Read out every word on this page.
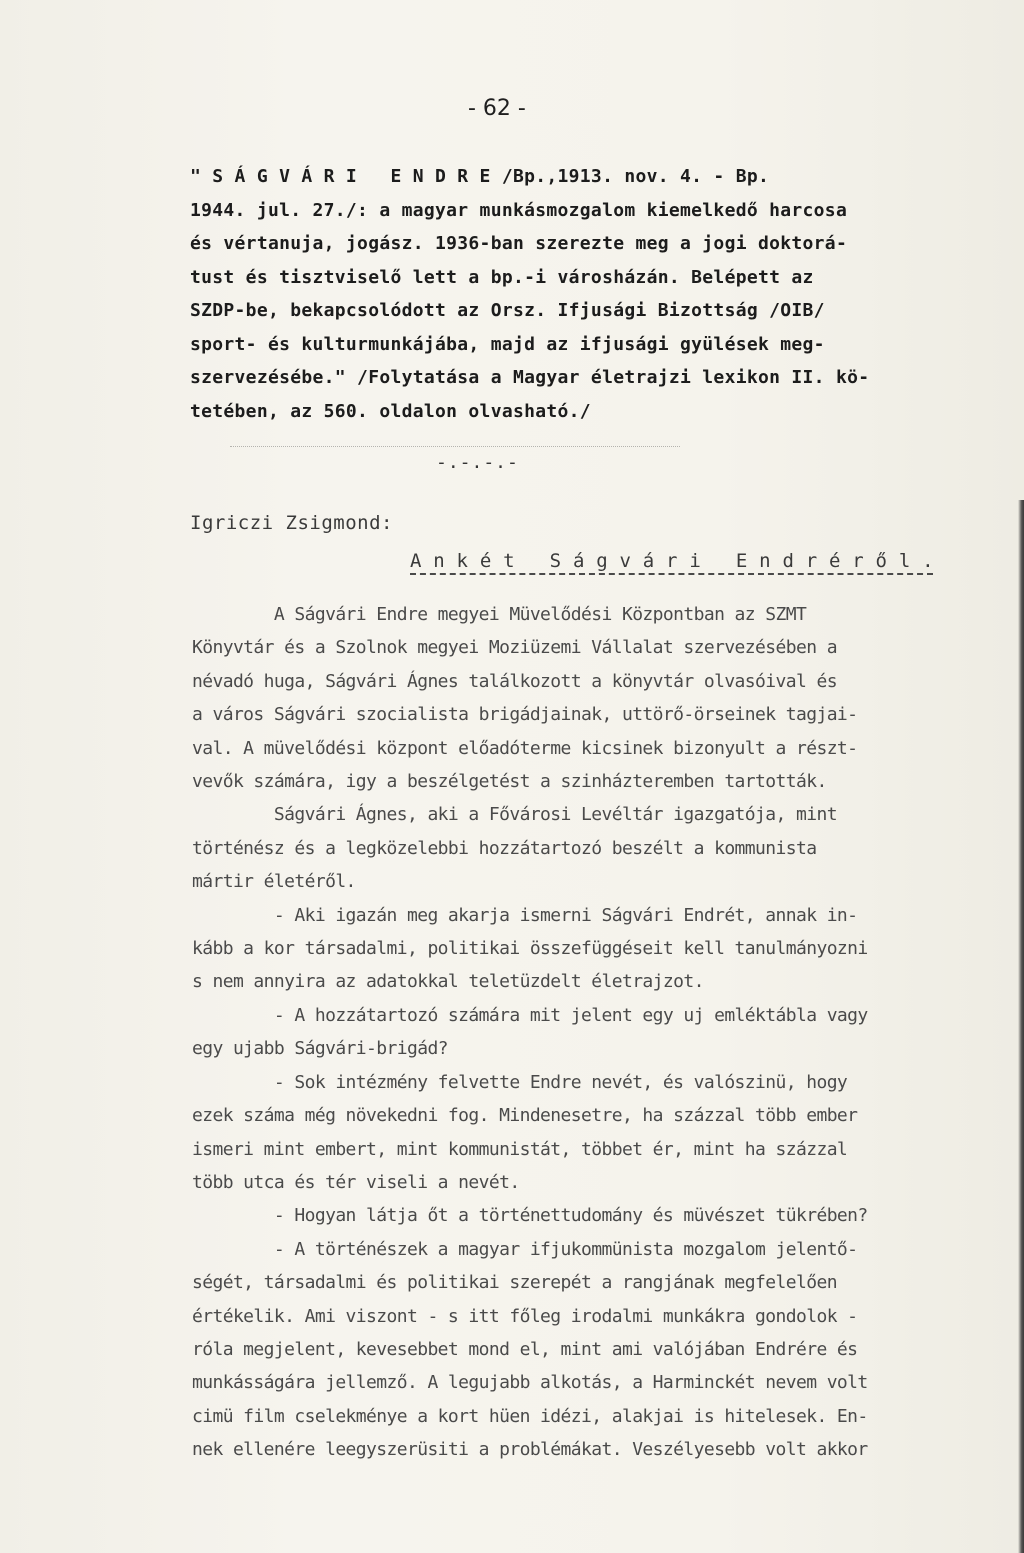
- 62 -
" S Á G V Á R I   E N D R E /Bp.,1913. nov. 4. - Bp.
1944. jul. 27./: a magyar munkásmozgalom kiemelkedő harcosa
és vértanuja, jogász. 1936-ban szerezte meg a jogi doktorá-
tust és tisztviselő lett a bp.-i városházán. Belépett az
SZDP-be, bekapcsolódott az Orsz. Ifjusági Bizottság /OIB/
sport- és kulturmunkájába, majd az ifjusági gyülések meg-
szervezésébe." /Folytatása a Magyar életrajzi lexikon II. kö-
tetében, az 560. oldalon olvasható./
-.-.-.-
Igriczi Zsigmond:
A n k é t   S á g v á r i   E n d r é r ő l .
A Ságvári Endre megyei Müvelődési Központban az SZMT
Könyvtár és a Szolnok megyei Moziüzemi Vállalat szervezésében a
névadó huga, Ságvári Ágnes találkozott a könyvtár olvasóival és
a város Ságvári szocialista brigádjainak, uttörő-örseinek tagjai-
val. A müvelődési központ előadóterme kicsinek bizonyult a részt-
vevők számára, igy a beszélgetést a szinházteremben tartották.
Ságvári Ágnes, aki a Fővárosi Levéltár igazgatója, mint
történész és a legközelebbi hozzátartozó beszélt a kommunista
mártir életéről.
- Aki igazán meg akarja ismerni Ságvári Endrét, annak in-
kább a kor társadalmi, politikai összefüggéseit kell tanulmányozni
s nem annyira az adatokkal teletüzdelt életrajzot.
- A hozzátartozó számára mit jelent egy uj emléktábla vagy
egy ujabb Ságvári-brigád?
- Sok intézmény felvette Endre nevét, és valószinü, hogy
ezek száma még növekedni fog. Mindenesetre, ha százzal több ember
ismeri mint embert, mint kommunistát, többet ér, mint ha százzal
több utca és tér viseli a nevét.
- Hogyan látja őt a történettudomány és müvészet tükrében?
- A történészek a magyar ifjukommünista mozgalom jelentő-
ségét, társadalmi és politikai szerepét a rangjának megfelelően
értékelik. Ami viszont - s itt főleg irodalmi munkákra gondolok -
róla megjelent, kevesebbet mond el, mint ami valójában Endrére és
munkásságára jellemző. A legujabb alkotás, a Harminckét nevem volt
cimü film cselekménye a kort hüen idézi, alakjai is hitelesek. En-
nek ellenére leegyszerüsiti a problémákat. Veszélyesebb volt akkor
